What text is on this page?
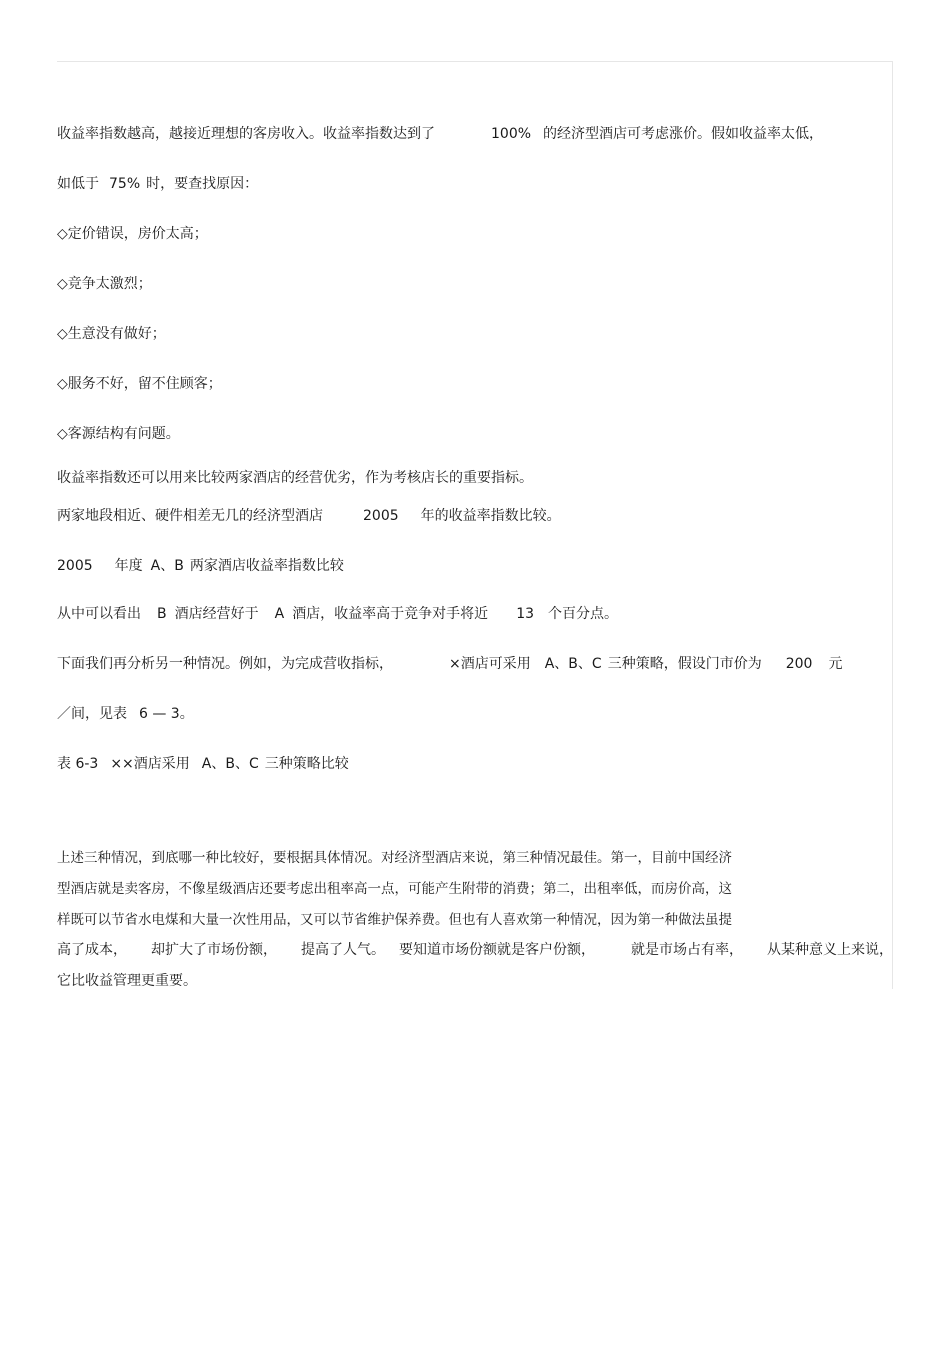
收益率指数越高，越接近理想的客房收入。收益率指数达到了	100% 的经济型酒店可考虑涨价。假如收益率太低，
如低于 75% 时，要查找原因：
◇定价错误，房价太高；
◇竞争太激烈；
◇生意没有做好；
◇服务不好，留不住顾客；
◇客源结构有问题。
收益率指数还可以用来比较两家酒店的经营优劣，作为考核店长的重要指标。
两家地段相近、硬件相差无几的经济型酒店	2005 年的收益率指数比较。
2005 年度 A、B 两家酒店收益率指数比较
从中可以看出 B 酒店经营好于 A 酒店，收益率高于竞争对手将近 13 个百分点。
下面我们再分析另一种情况。例如，为完成营收指标，	×酒店可采用 A、B、C 三种策略，假设门市价为 200 元
／间，见表 6 — 3。
表 6-3 ××酒店采用 A、B、C 三种策略比较
上述三种情况，到底哪一种比较好，要根据具体情况。对经济型酒店来说，第三种情况最佳。第一，目前中国经济
型酒店就是卖客房，不像星级酒店还要考虑出租率高一点，可能产生附带的消费；第二，出租率低，而房价高，这
样既可以节省水电煤和大量一次性用品，又可以节省维护保养费。但也有人喜欢第一种情况，因为第一种做法虽提
高了成本， 却扩大了市场份额， 提高了人气。 要知道市场份额就是客户份额，	就是市场占有率， 从某种意义上来说，
它比收益管理更重要。
